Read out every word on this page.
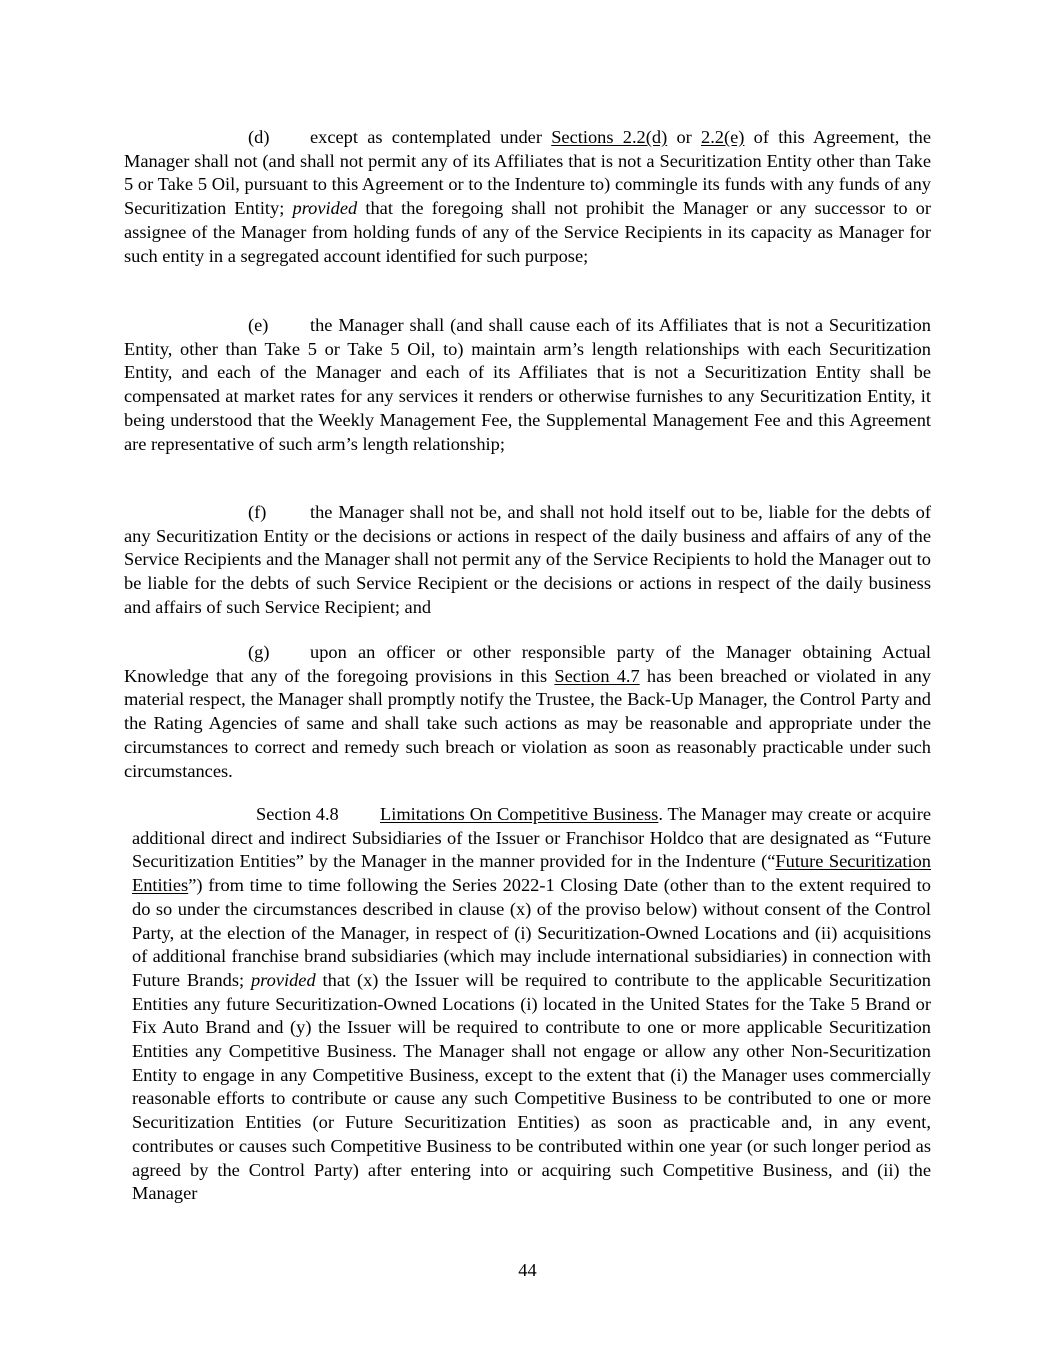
(d) except as contemplated under Sections 2.2(d) or 2.2(e) of this Agreement, the Manager shall not (and shall not permit any of its Affiliates that is not a Securitization Entity other than Take 5 or Take 5 Oil, pursuant to this Agreement or to the Indenture to) commingle its funds with any funds of any Securitization Entity; provided that the foregoing shall not prohibit the Manager or any successor to or assignee of the Manager from holding funds of any of the Service Recipients in its capacity as Manager for such entity in a segregated account identified for such purpose;

(e) the Manager shall (and shall cause each of its Affiliates that is not a Securitization Entity, other than Take 5 or Take 5 Oil, to) maintain arm’s length relationships with each Securitization Entity, and each of the Manager and each of its Affiliates that is not a Securitization Entity shall be compensated at market rates for any services it renders or otherwise furnishes to any Securitization Entity, it being understood that the Weekly Management Fee, the Supplemental Management Fee and this Agreement are representative of such arm’s length relationship;

(f) the Manager shall not be, and shall not hold itself out to be, liable for the debts of any Securitization Entity or the decisions or actions in respect of the daily business and affairs of any of the Service Recipients and the Manager shall not permit any of the Service Recipients to hold the Manager out to be liable for the debts of such Service Recipient or the decisions or actions in respect of the daily business and affairs of such Service Recipient; and

(g) upon an officer or other responsible party of the Manager obtaining Actual Knowledge that any of the foregoing provisions in this Section 4.7 has been breached or violated in any material respect, the Manager shall promptly notify the Trustee, the Back-Up Manager, the Control Party and the Rating Agencies of same and shall take such actions as may be reasonable and appropriate under the circumstances to correct and remedy such breach or violation as soon as reasonably practicable under such circumstances.

Section 4.8 Limitations On Competitive Business. The Manager may create or acquire additional direct and indirect Subsidiaries of the Issuer or Franchisor Holdco that are designated as “Future Securitization Entities” by the Manager in the manner provided for in the Indenture (“Future Securitization Entities”) from time to time following the Series 2022-1 Closing Date (other than to the extent required to do so under the circumstances described in clause (x) of the proviso below) without consent of the Control Party, at the election of the Manager, in respect of (i) Securitization-Owned Locations and (ii) acquisitions of additional franchise brand subsidiaries (which may include international subsidiaries) in connection with Future Brands; provided that (x) the Issuer will be required to contribute to the applicable Securitization Entities any future Securitization-Owned Locations (i) located in the United States for the Take 5 Brand or Fix Auto Brand and (y) the Issuer will be required to contribute to one or more applicable Securitization Entities any Competitive Business. The Manager shall not engage or allow any other Non-Securitization Entity to engage in any Competitive Business, except to the extent that (i) the Manager uses commercially reasonable efforts to contribute or cause any such Competitive Business to be contributed to one or more Securitization Entities (or Future Securitization Entities) as soon as practicable and, in any event, contributes or causes such Competitive Business to be contributed within one year (or such longer period as agreed by the Control Party) after entering into or acquiring such Competitive Business, and (ii) the Manager

44
